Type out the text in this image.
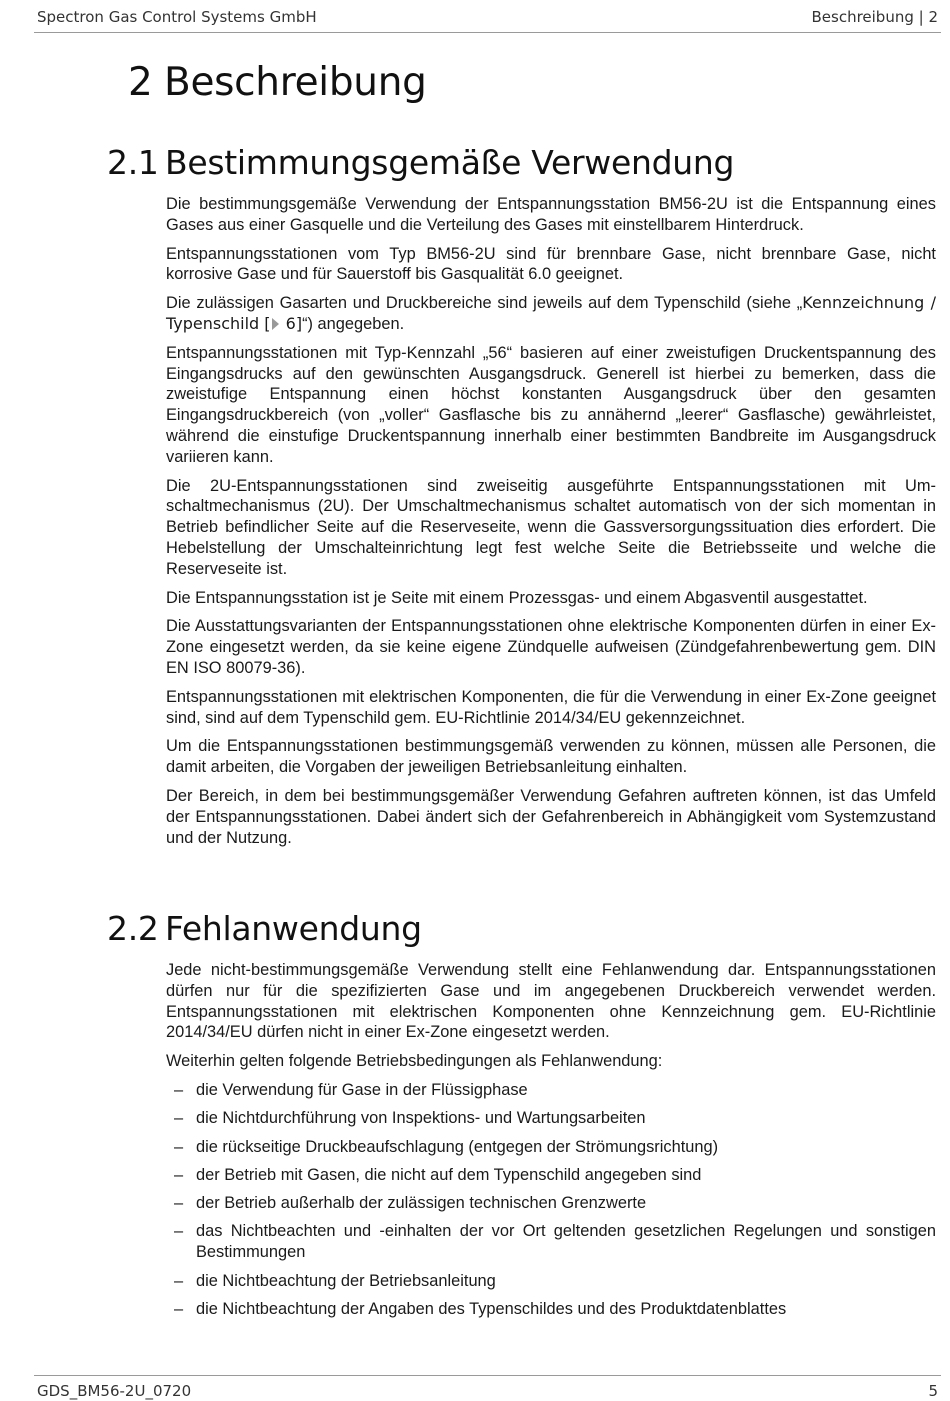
Spectron Gas Control Systems GmbH	Beschreibung | 2
2 Beschreibung
2.1 Bestimmungsgemäße Verwendung

Die bestimmungsgemäße Verwendung der Entspannungsstation BM56-2U ist die Entspannung eines Gases aus einer Gasquelle und die Verteilung des Gases mit einstellbarem Hinterdruck.

Entspannungsstationen vom Typ BM56-2U sind für brennbare Gase, nicht brennbare Gase, nicht korrosive Gase und für Sauerstoff bis Gasqualität 6.0 geeignet.

Die zulässigen Gasarten und Druckbereiche sind jeweils auf dem Typenschild (siehe „Kennzeichnung / Typenschild [ 6]“) angegeben.

Entspannungsstationen mit Typ-Kennzahl „56“ basieren auf einer zweistufigen Druckentspannung des Eingangsdrucks auf den gewünschten Ausgangsdruck. Generell ist hierbei zu bemerken, dass die zweistufige Entspannung einen höchst konstanten Ausgangsdruck über den gesamten Eingangsdruckbereich (von „voller“ Gasflasche bis zu annähernd „leerer“ Gasflasche) gewährleistet, während die einstufige Druckentspannung innerhalb einer bestimmten Bandbreite im Ausgangsdruck variieren kann.

Die 2U-Entspannungsstationen sind zweiseitig ausgeführte Entspannungsstationen mit Umschaltmechanismus (2U). Der Umschaltmechanismus schaltet automatisch von der sich momentan in Betrieb befindlicher Seite auf die Reserveseite, wenn die Gassversorgungssituation dies erfordert. Die Hebelstellung der Umschalteinrichtung legt fest welche Seite die Betriebsseite und welche die Reserveseite ist.

Die Entspannungsstation ist je Seite mit einem Prozessgas- und einem Abgasventil ausgestattet.

Die Ausstattungsvarianten der Entspannungsstationen ohne elektrische Komponenten dürfen in einer Ex-Zone eingesetzt werden, da sie keine eigene Zündquelle aufweisen (Zündgefahrenbewertung gem. DIN EN ISO 80079-36).

Entspannungsstationen mit elektrischen Komponenten, die für die Verwendung in einer Ex-Zone geeignet sind, sind auf dem Typenschild gem. EU-Richtlinie 2014/34/EU gekennzeichnet.

Um die Entspannungsstationen bestimmungsgemäß verwenden zu können, müssen alle Personen, die damit arbeiten, die Vorgaben der jeweiligen Betriebsanleitung einhalten.

Der Bereich, in dem bei bestimmungsgemäßer Verwendung Gefahren auftreten können, ist das Umfeld der Entspannungsstationen. Dabei ändert sich der Gefahrenbereich in Abhängigkeit vom Systemzustand und der Nutzung.

2.2 Fehlanwendung

Jede nicht-bestimmungsgemäße Verwendung stellt eine Fehlanwendung dar. Entspannungsstationen dürfen nur für die spezifizierten Gase und im angegebenen Druckbereich verwendet werden. Entspannungsstationen mit elektrischen Komponenten ohne Kennzeichnung gem. EU-Richtlinie 2014/34/EU dürfen nicht in einer Ex-Zone eingesetzt werden.

Weiterhin gelten folgende Betriebsbedingungen als Fehlanwendung:

– die Verwendung für Gase in der Flüssigphase
– die Nichtdurchführung von Inspektions- und Wartungsarbeiten
– die rückseitige Druckbeaufschlagung (entgegen der Strömungsrichtung)
– der Betrieb mit Gasen, die nicht auf dem Typenschild angegeben sind
– der Betrieb außerhalb der zulässigen technischen Grenzwerte
– das Nichtbeachten und -einhalten der vor Ort geltenden gesetzlichen Regelungen und sonstigen Bestimmungen
– die Nichtbeachtung der Betriebsanleitung
– die Nichtbeachtung der Angaben des Typenschildes und des Produktdatenblattes
GDS_BM56-2U_0720	5
